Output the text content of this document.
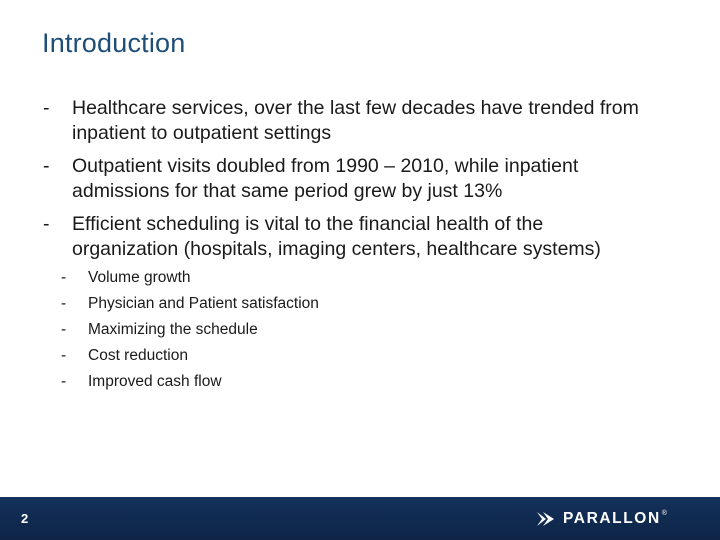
Introduction
- Healthcare services, over the last few decades have trended from
inpatient to outpatient settings
- Outpatient visits doubled from 1990 – 2010, while inpatient
admissions for that same period grew by just 13%
- Efficient scheduling is vital to the financial health of the
organization (hospitals, imaging centers, healthcare systems)
- Volume growth
- Physician and Patient satisfaction
- Maximizing the schedule
- Cost reduction
- Improved cash flow
2	PARALLON ®
